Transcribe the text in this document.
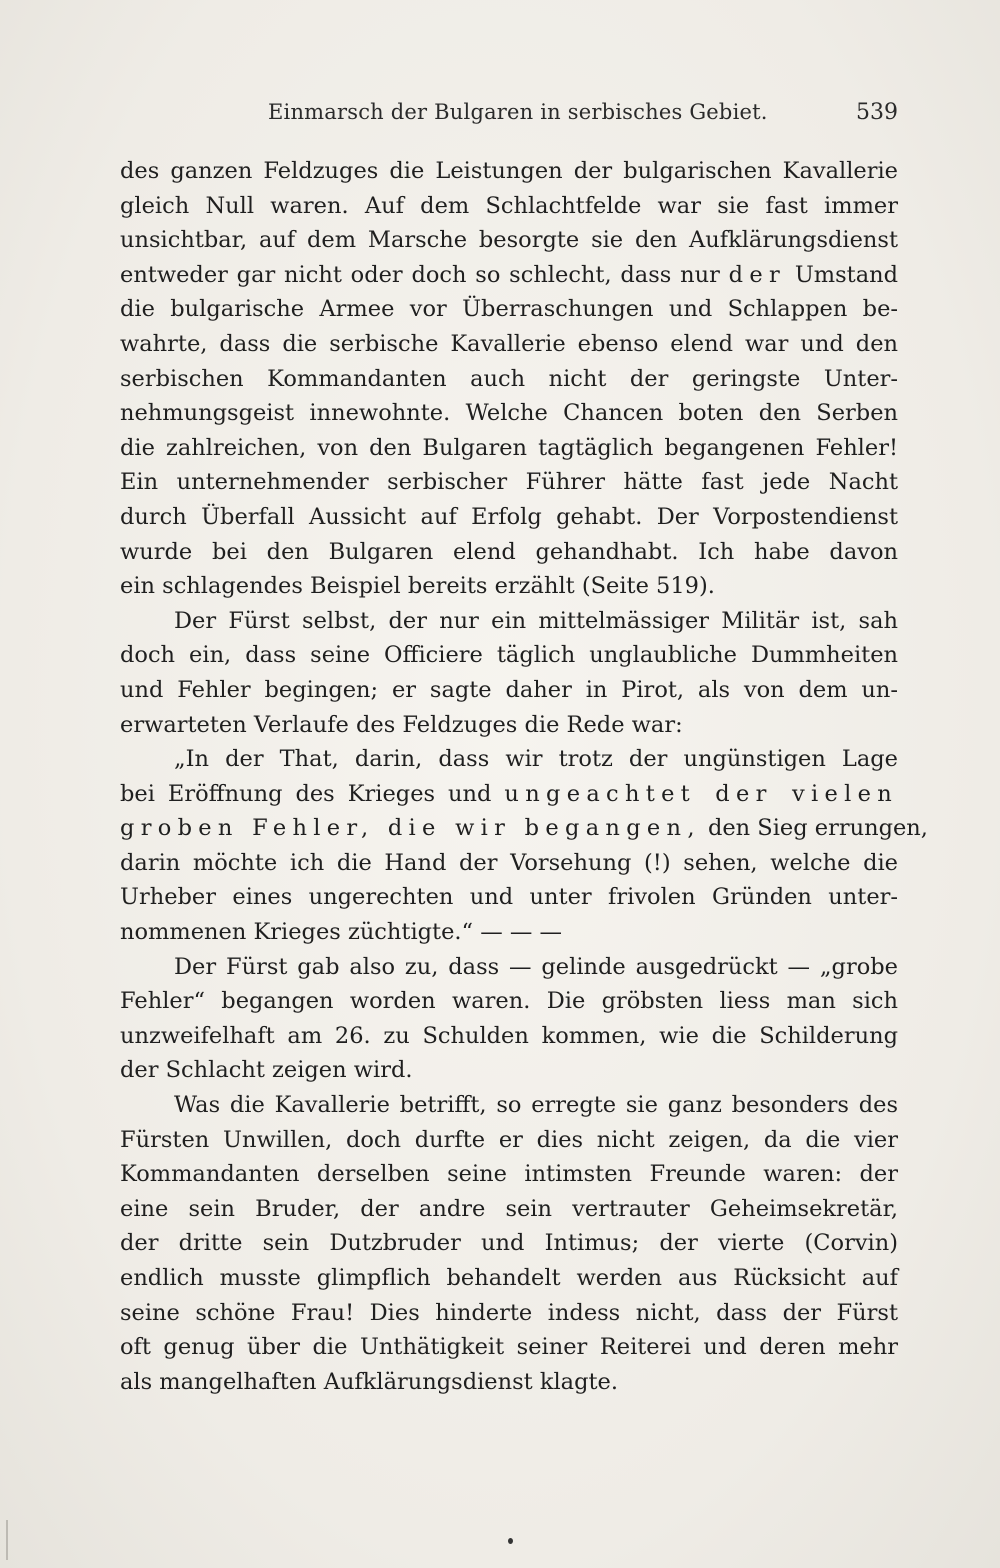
Einmarsch der Bulgaren in serbisches Gebiet.	539

des ganzen Feldzuges die Leistungen der bulgarischen Kavallerie
gleich Null waren. Auf dem Schlachtfelde war sie fast immer
unsichtbar, auf dem Marsche besorgte sie den Aufklärungsdienst
entweder gar nicht oder doch so schlecht, dass nur der Umstand
die bulgarische Armee vor Überraschungen und Schlappen be-
wahrte, dass die serbische Kavallerie ebenso elend war und den
serbischen Kommandanten auch nicht der geringste Unter-
nehmungsgeist innewohnte. Welche Chancen boten den Serben
die zahlreichen, von den Bulgaren tagtäglich begangenen Fehler!
Ein unternehmender serbischer Führer hätte fast jede Nacht
durch Überfall Aussicht auf Erfolg gehabt. Der Vorpostendienst
wurde bei den Bulgaren elend gehandhabt. Ich habe davon
ein schlagendes Beispiel bereits erzählt (Seite 519).

Der Fürst selbst, der nur ein mittelmässiger Militär ist, sah
doch ein, dass seine Officiere täglich unglaubliche Dummheiten
und Fehler begingen; er sagte daher in Pirot, als von dem un-
erwarteten Verlaufe des Feldzuges die Rede war:

„In der That, darin, dass wir trotz der ungünstigen Lage
bei Eröffnung des Krieges und ungeachtet der vielen
groben Fehler, die wir begangen, den Sieg errungen,
darin möchte ich die Hand der Vorsehung (!) sehen, welche die
Urheber eines ungerechten und unter frivolen Gründen unter-
nommenen Krieges züchtigte.“ — — —

Der Fürst gab also zu, dass — gelinde ausgedrückt — „grobe
Fehler“ begangen worden waren. Die gröbsten liess man sich
unzweifelhaft am 26. zu Schulden kommen, wie die Schilderung
der Schlacht zeigen wird.

Was die Kavallerie betrifft, so erregte sie ganz besonders des
Fürsten Unwillen, doch durfte er dies nicht zeigen, da die vier
Kommandanten derselben seine intimsten Freunde waren: der
eine sein Bruder, der andre sein vertrauter Geheimsekretär,
der dritte sein Dutzbruder und Intimus; der vierte (Corvin)
endlich musste glimpflich behandelt werden aus Rücksicht auf
seine schöne Frau! Dies hinderte indess nicht, dass der Fürst
oft genug über die Unthätigkeit seiner Reiterei und deren mehr
als mangelhaften Aufklärungsdienst klagte.
